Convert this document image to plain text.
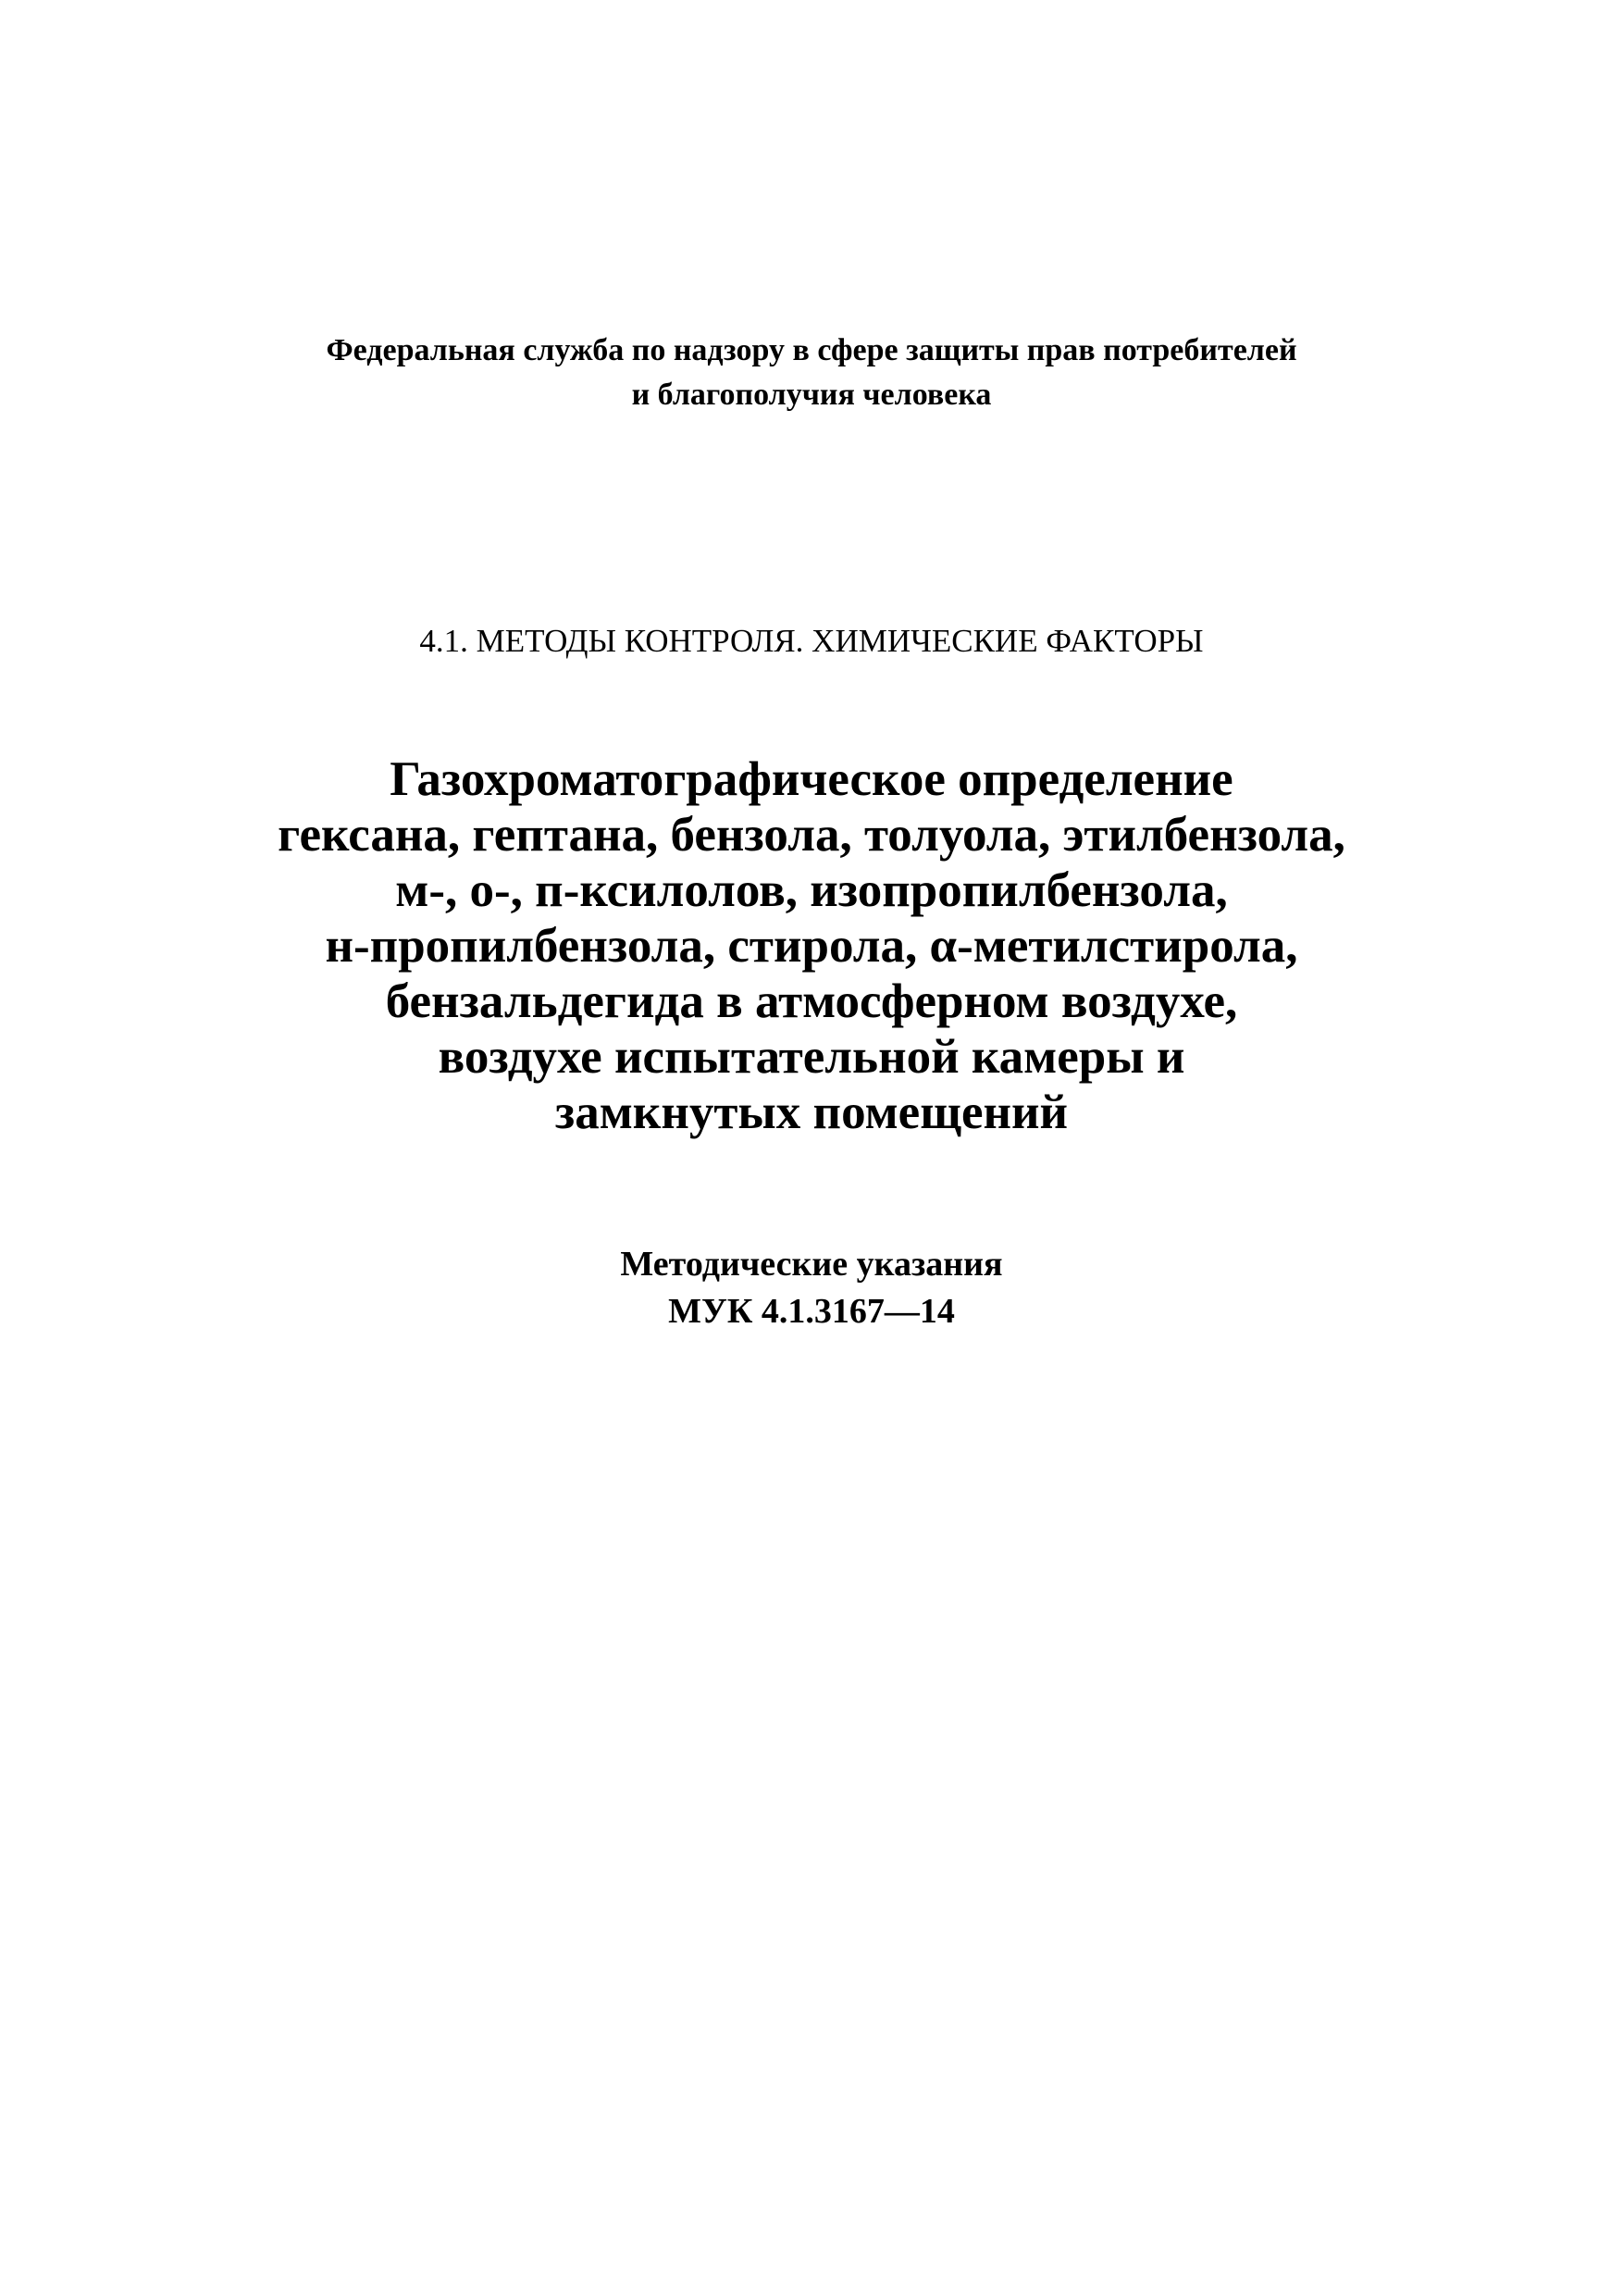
Федеральная служба по надзору в сфере защиты прав потребителей
и благополучия человека
4.1. МЕТОДЫ КОНТРОЛЯ. ХИМИЧЕСКИЕ ФАКТОРЫ
Газохроматографическое определение
гексана, гептана, бензола, толуола, этилбензола,
м-, о-, п-ксилолов, изопропилбензола,
н-пропилбензола, стирола, α-метилстирола,
бензальдегида в атмосферном воздухе,
воздухе испытательной камеры и
замкнутых помещений
Методические указания
МУК 4.1.3167—14
